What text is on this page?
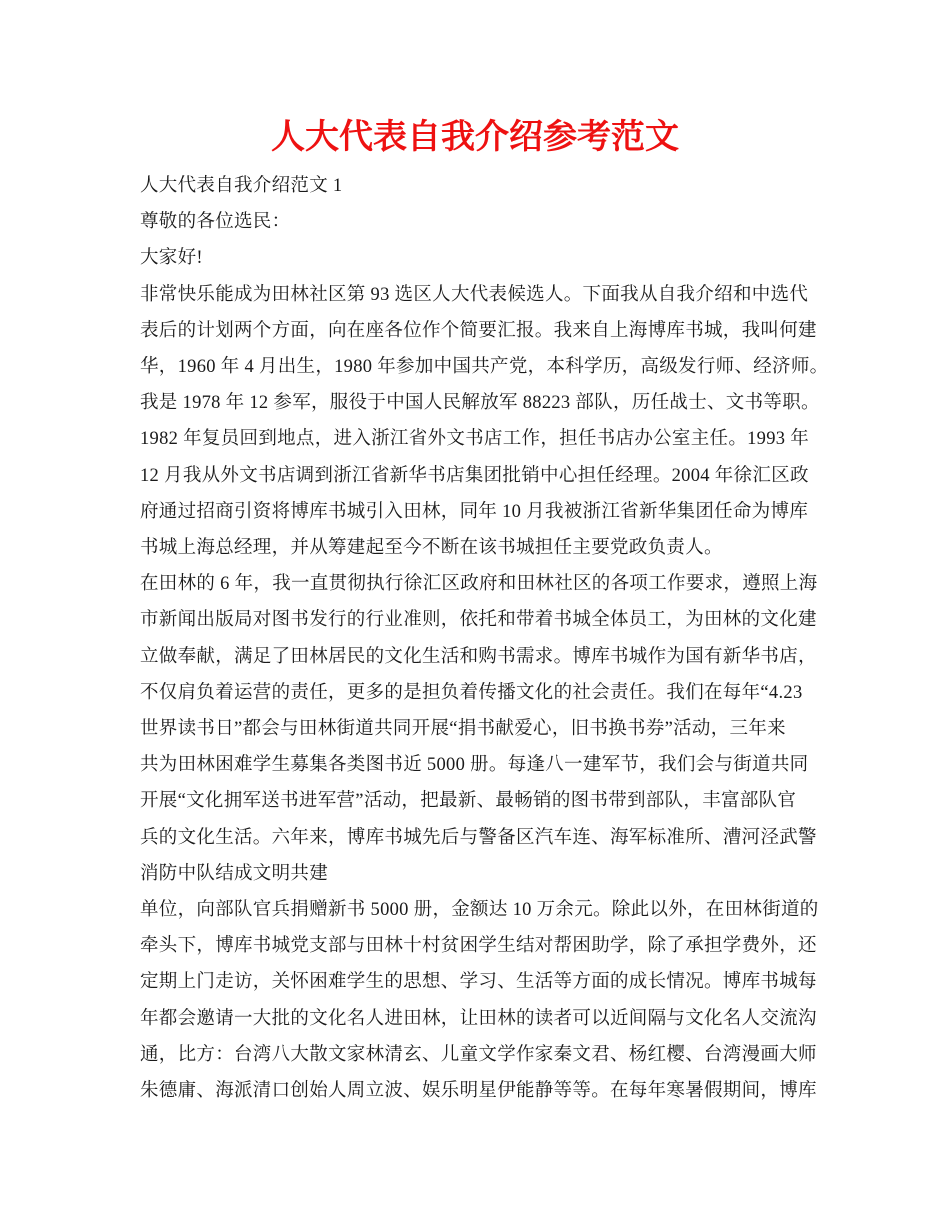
人大代表自我介绍参考范文
人大代表自我介绍范文 1
尊敬的各位选民：
大家好!
非常快乐能成为田林社区第 93 选区人大代表候选人。下面我从自我介绍和中选代
表后的计划两个方面，向在座各位作个简要汇报。我来自上海博库书城，我叫何建
华，1960 年 4 月出生，1980 年参加中国共产党，本科学历，高级发行师、经济师。
我是 1978 年 12 参军，服役于中国人民解放军 88223 部队，历任战士、文书等职。
1982 年复员回到地点，进入浙江省外文书店工作，担任书店办公室主任。1993 年
12 月我从外文书店调到浙江省新华书店集团批销中心担任经理。2004 年徐汇区政
府通过招商引资将博库书城引入田林，同年 10 月我被浙江省新华集团任命为博库
书城上海总经理，并从筹建起至今不断在该书城担任主要党政负责人。
在田林的 6 年，我一直贯彻执行徐汇区政府和田林社区的各项工作要求，遵照上海
市新闻出版局对图书发行的行业准则，依托和带着书城全体员工，为田林的文化建
立做奉献，满足了田林居民的文化生活和购书需求。博库书城作为国有新华书店，
不仅肩负着运营的责任，更多的是担负着传播文化的社会责任。我们在每年“4.23
世界读书日”都会与田林街道共同开展“捐书献爱心，旧书换书券”活动，三年来
共为田林困难学生募集各类图书近 5000 册。每逢八一建军节，我们会与街道共同
开展“文化拥军送书进军营”活动，把最新、最畅销的图书带到部队，丰富部队官
兵的文化生活。六年来，博库书城先后与警备区汽车连、海军标准所、漕河泾武警
消防中队结成文明共建
单位，向部队官兵捐赠新书 5000 册，金额达 10 万余元。除此以外，在田林街道的
牵头下，博库书城党支部与田林十村贫困学生结对帮困助学，除了承担学费外，还
定期上门走访，关怀困难学生的思想、学习、生活等方面的成长情况。博库书城每
年都会邀请一大批的文化名人进田林，让田林的读者可以近间隔与文化名人交流沟
通，比方：台湾八大散文家林清玄、儿童文学作家秦文君、杨红樱、台湾漫画大师
朱德庸、海派清口创始人周立波、娱乐明星伊能静等等。在每年寒暑假期间，博库
